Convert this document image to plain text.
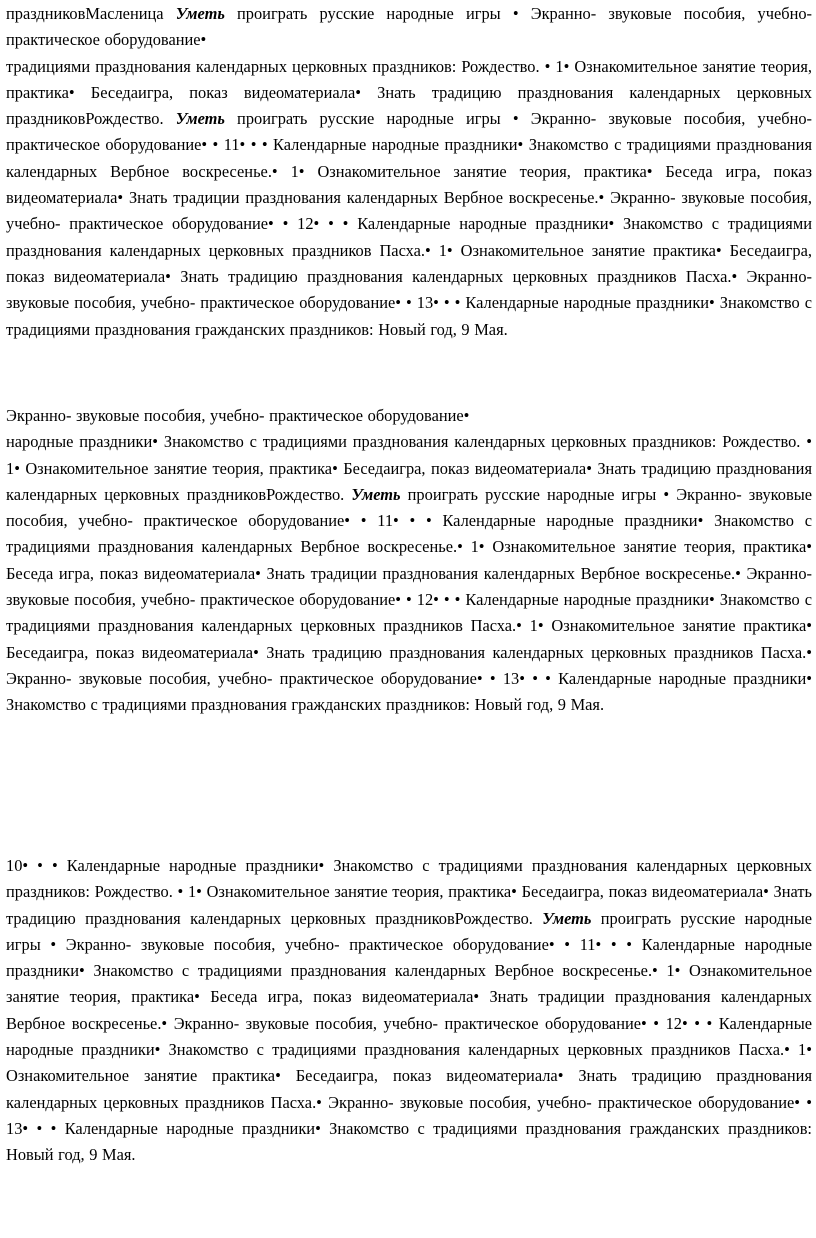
праздниковМасленица Уметь проиграть русские народные игры • Экранно- звуковые пособия, учебно- практическое оборудование•

традициями празднования календарных церковных праздников: Рождество. • 1• Ознакомительное занятие теория, практика• Беседаигра, показ видеоматериала• Знать традицию празднования календарных церковных праздниковРождество. Уметь проиграть русские народные игры • Экранно- звуковые пособия, учебно- практическое оборудование• • 11• • • Календарные народные праздники• Знакомство с традициями празднования календарных Вербное воскресенье.• 1• Ознакомительное занятие теория, практика• Беседа игра, показ видеоматериала• Знать традиции празднования календарных Вербное воскресенье.• Экранно- звуковые пособия, учебно- практическое оборудование• • 12• • • Календарные народные праздники• Знакомство с традициями празднования календарных церковных праздников Пасха.• 1• Ознакомительное занятие практика• Беседаигра, показ видеоматериала• Знать традицию празднования календарных церковных праздников Пасха.• Экранно- звуковые пособия, учебно- практическое оборудование• • 13• • • Календарные народные праздники• Знакомство с традициями празднования гражданских праздников: Новый год, 9 Мая.

Экранно- звуковые пособия, учебно- практическое оборудование•

народные праздники• Знакомство с традициями празднования календарных церковных праздников: Рождество. • 1• Ознакомительное занятие теория, практика• Беседаигра, показ видеоматериала• Знать традицию празднования календарных церковных праздниковРождество. Уметь проиграть русские народные игры • Экранно- звуковые пособия, учебно- практическое оборудование• • 11• • • Календарные народные праздники• Знакомство с традициями празднования календарных Вербное воскресенье.• 1• Ознакомительное занятие теория, практика• Беседа игра, показ видеоматериала• Знать традиции празднования календарных Вербное воскресенье.• Экранно- звуковые пособия, учебно- практическое оборудование• • 12• • • Календарные народные праздники• Знакомство с традициями празднования календарных церковных праздников Пасха.• 1• Ознакомительное занятие практика• Беседаигра, показ видеоматериала• Знать традицию празднования календарных церковных праздников Пасха.• Экранно- звуковые пособия, учебно- практическое оборудование• • 13• • • Календарные народные праздники• Знакомство с традициями празднования гражданских праздников: Новый год, 9 Мая.

10• • • Календарные народные праздники• Знакомство с традициями празднования календарных церковных праздников: Рождество. • 1• Ознакомительное занятие теория, практика• Беседаигра, показ видеоматериала• Знать традицию празднования календарных церковных праздниковРождество. Уметь проиграть русские народные игры • Экранно- звуковые пособия, учебно- практическое оборудование• • 11• • • Календарные народные праздники• Знакомство с традициями празднования календарных Вербное воскресенье.• 1• Ознакомительное занятие теория, практика• Беседа игра, показ видеоматериала• Знать традиции празднования календарных Вербное воскресенье.• Экранно- звуковые пособия, учебно- практическое оборудование• • 12• • • Календарные народные праздники• Знакомство с традициями празднования календарных церковных праздников Пасха.• 1• Ознакомительное занятие практика• Беседаигра, показ видеоматериала• Знать традицию празднования календарных церковных праздников Пасха.• Экранно- звуковые пособия, учебно- практическое оборудование• • 13• • • Календарные народные праздники• Знакомство с традициями празднования гражданских праздников: Новый год, 9 Мая.
